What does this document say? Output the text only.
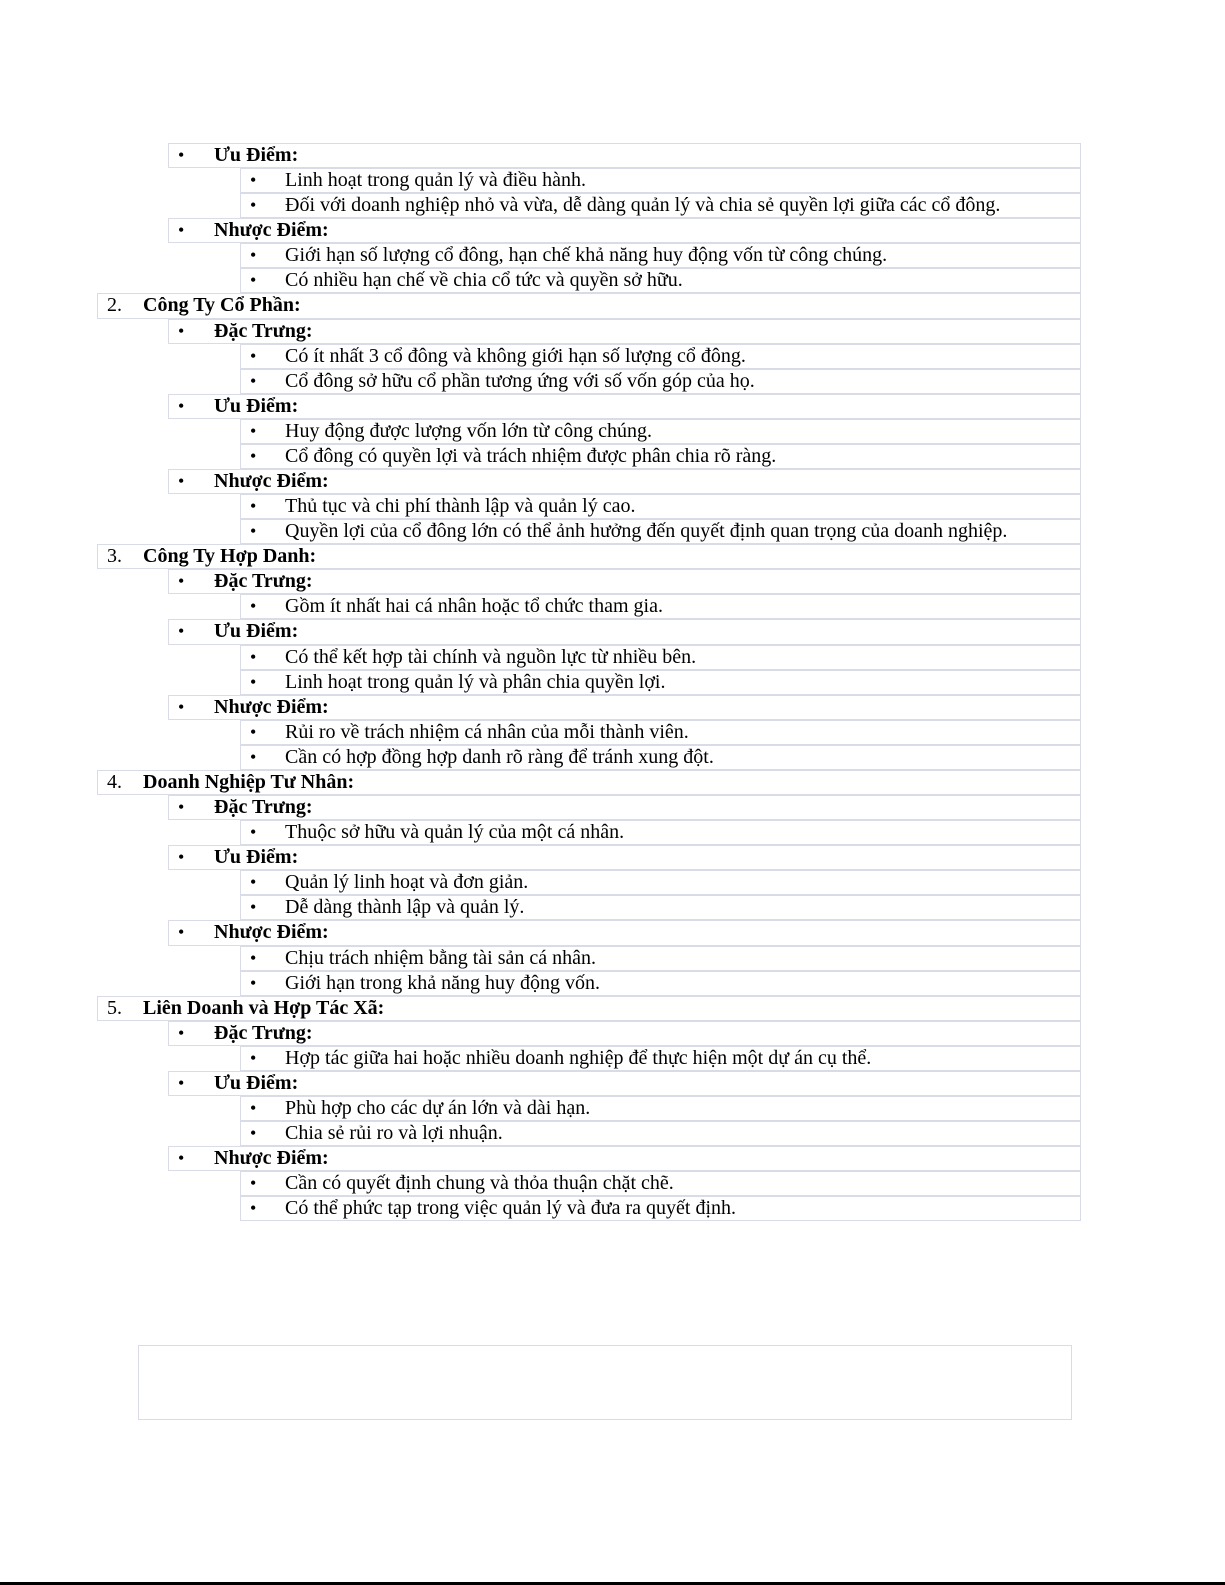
• Ưu Điểm:
• Linh hoạt trong quản lý và điều hành.
• Đối với doanh nghiệp nhỏ và vừa, dễ dàng quản lý và chia sẻ quyền lợi giữa các cổ đông.
• Nhược Điểm:
• Giới hạn số lượng cổ đông, hạn chế khả năng huy động vốn từ công chúng.
• Có nhiều hạn chế về chia cổ tức và quyền sở hữu.
2. Công Ty Cổ Phần:
• Đặc Trưng:
• Có ít nhất 3 cổ đông và không giới hạn số lượng cổ đông.
• Cổ đông sở hữu cổ phần tương ứng với số vốn góp của họ.
• Ưu Điểm:
• Huy động được lượng vốn lớn từ công chúng.
• Cổ đông có quyền lợi và trách nhiệm được phân chia rõ ràng.
• Nhược Điểm:
• Thủ tục và chi phí thành lập và quản lý cao.
• Quyền lợi của cổ đông lớn có thể ảnh hưởng đến quyết định quan trọng của doanh nghiệp.
3. Công Ty Hợp Danh:
• Đặc Trưng:
• Gồm ít nhất hai cá nhân hoặc tổ chức tham gia.
• Ưu Điểm:
• Có thể kết hợp tài chính và nguồn lực từ nhiều bên.
• Linh hoạt trong quản lý và phân chia quyền lợi.
• Nhược Điểm:
• Rủi ro về trách nhiệm cá nhân của mỗi thành viên.
• Cần có hợp đồng hợp danh rõ ràng để tránh xung đột.
4. Doanh Nghiệp Tư Nhân:
• Đặc Trưng:
• Thuộc sở hữu và quản lý của một cá nhân.
• Ưu Điểm:
• Quản lý linh hoạt và đơn giản.
• Dễ dàng thành lập và quản lý.
• Nhược Điểm:
• Chịu trách nhiệm bằng tài sản cá nhân.
• Giới hạn trong khả năng huy động vốn.
5. Liên Doanh và Hợp Tác Xã:
• Đặc Trưng:
• Hợp tác giữa hai hoặc nhiều doanh nghiệp để thực hiện một dự án cụ thể.
• Ưu Điểm:
• Phù hợp cho các dự án lớn và dài hạn.
• Chia sẻ rủi ro và lợi nhuận.
• Nhược Điểm:
• Cần có quyết định chung và thỏa thuận chặt chẽ.
• Có thể phức tạp trong việc quản lý và đưa ra quyết định.
